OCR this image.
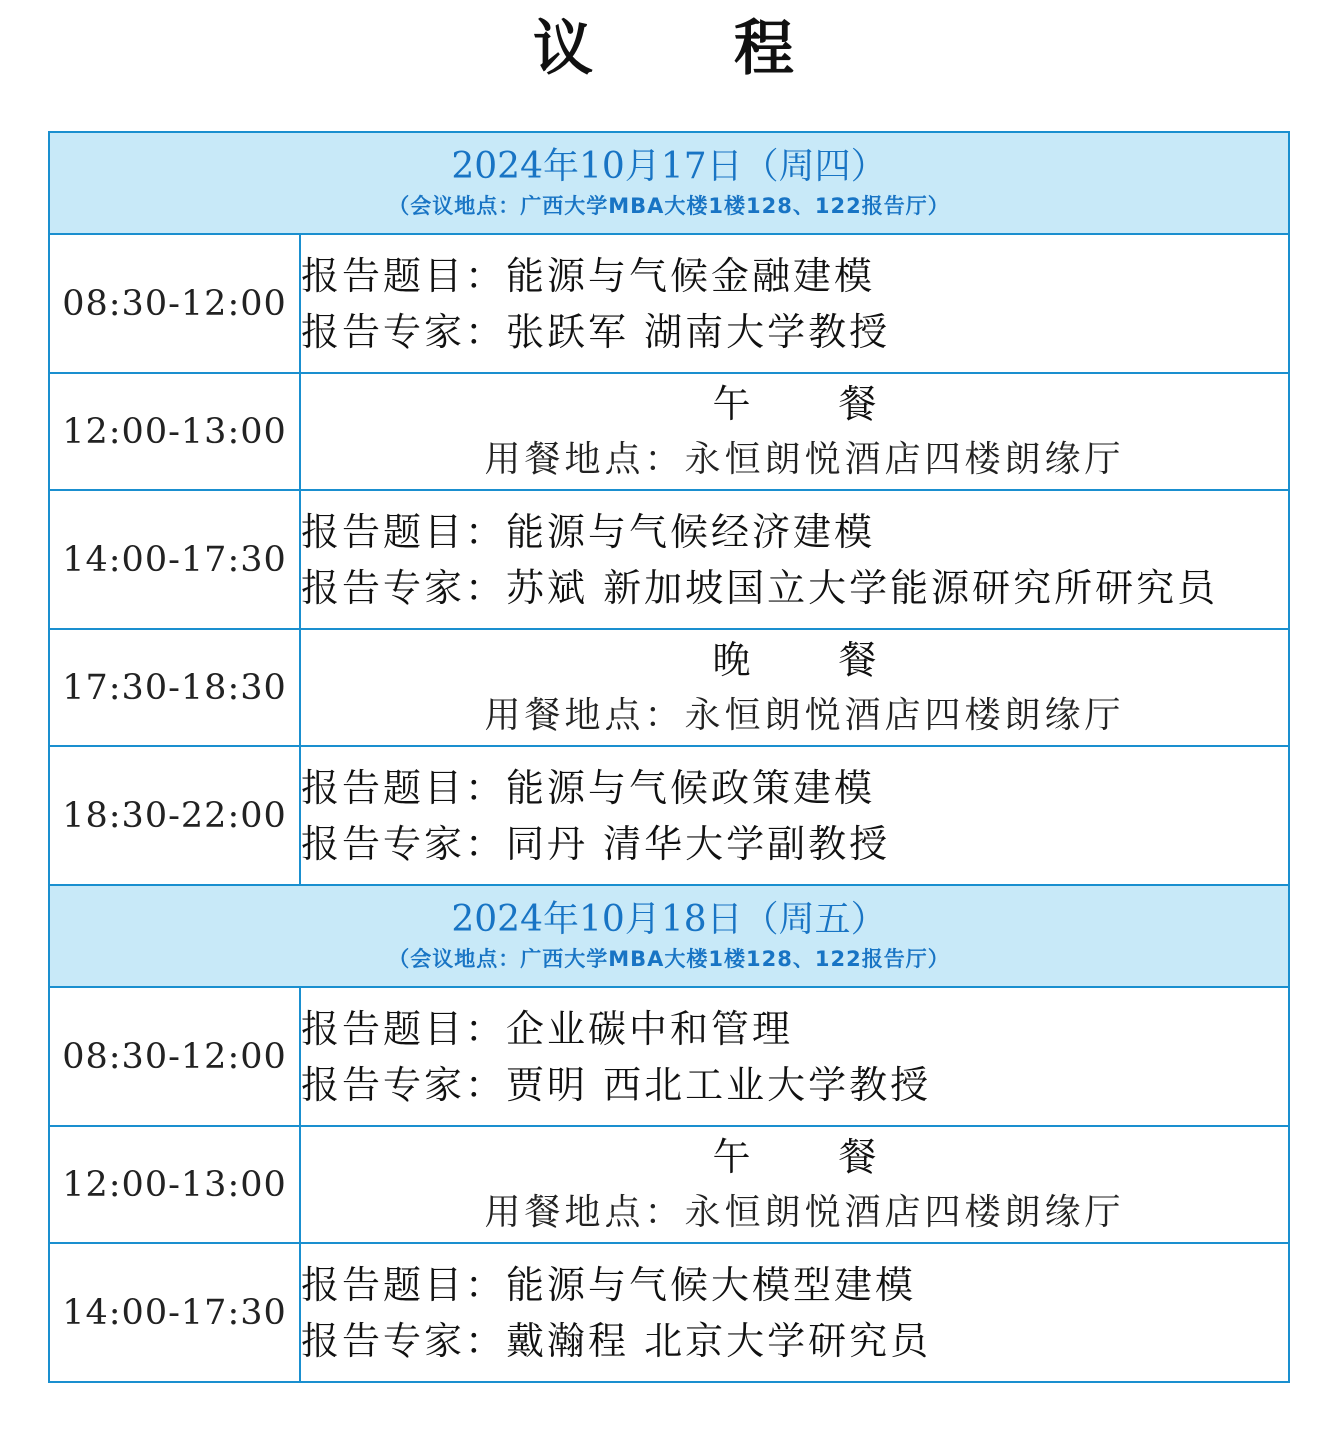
议 程
2024年10月17日（周四）
（会议地点：广西大学MBA大楼1楼128、122报告厅）	

08:30-12:00	报告题目：能源与气候金融建模
报告专家：张跃军 湖南大学教授

12:00-13:00	午 餐
用餐地点：永恒朗悦酒店四楼朗缘厅

14:00-17:30	报告题目：能源与气候经济建模
报告专家：苏斌 新加坡国立大学能源研究所研究员

17:30-18:30	晚 餐
用餐地点：永恒朗悦酒店四楼朗缘厅

18:30-22:00	报告题目：能源与气候政策建模
报告专家：同丹 清华大学副教授

2024年10月18日（周五）
（会议地点：广西大学MBA大楼1楼128、122报告厅）	

08:30-12:00	报告题目：企业碳中和管理
报告专家：贾明 西北工业大学教授

12:00-13:00	午 餐
用餐地点：永恒朗悦酒店四楼朗缘厅

14:00-17:30	报告题目：能源与气候大模型建模
报告专家：戴瀚程 北京大学研究员
